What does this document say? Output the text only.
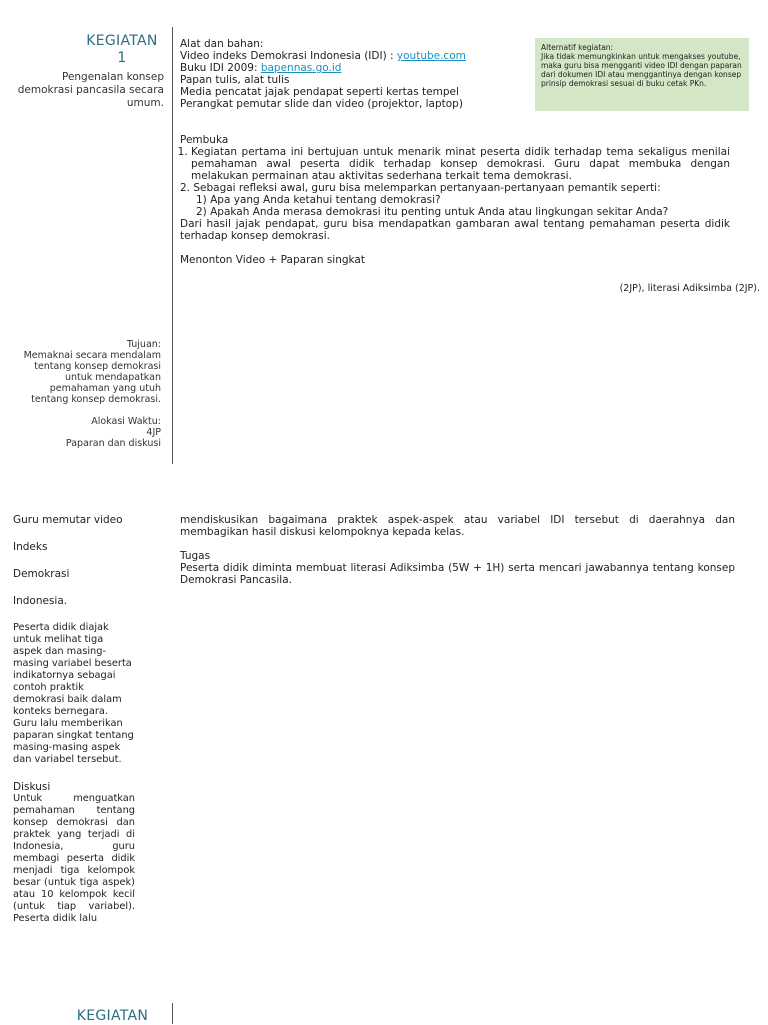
KEGIATAN
1
Pengenalan konsep demokrasi pancasila secara umum.
Tujuan:
Memaknai secara mendalam tentang konsep demokrasi untuk mendapatkan pemahaman yang utuh tentang konsep demokrasi.
Alokasi Waktu:
4JP
Paparan dan diskusi
Alat dan bahan:
Video indeks Demokrasi Indonesia (IDI) : youtube.com
Buku IDI 2009: bapennas.go.id
Papan tulis, alat tulis
Media pencatat jajak pendapat seperti kertas tempel
Perangkat pemutar slide dan video (projektor, laptop)
Alternatif kegiatan:
Jika tidak memungkinkan untuk mengakses youtube, maka guru bisa mengganti video IDI dengan paparan dari dokumen IDI atau menggantinya dengan konsep prinsip demokrasi sesuai di buku cetak PKn.
Pembuka
1. Kegiatan pertama ini bertujuan untuk menarik minat peserta didik terhadap tema sekaligus menilai pemahaman awal peserta didik terhadap konsep demokrasi. Guru dapat membuka dengan melakukan permainan atau aktivitas sederhana terkait tema demokrasi.
2. Sebagai refleksi awal, guru bisa melemparkan pertanyaan-pertanyaan pemantik seperti:
1) Apa yang Anda ketahui tentang demokrasi?
2) Apakah Anda merasa demokrasi itu penting untuk Anda atau lingkungan sekitar Anda?
Dari hasil jajak pendapat, guru bisa mendapatkan gambaran awal tentang pemahaman peserta didik terhadap konsep demokrasi.
Menonton Video + Paparan singkat
(2JP), literasi Adiksimba (2JP).

Guru memutar video

Indeks

Demokrasi

Indonesia.

Peserta didik diajak untuk melihat tiga aspek dan masing-masing variabel beserta indikatornya sebagai contoh praktik demokrasi baik dalam konteks bernegara. Guru lalu memberikan paparan singkat tentang masing-masing aspek dan variabel tersebut.

Diskusi
Untuk menguatkan pemahaman tentang konsep demokrasi dan praktek yang terjadi di Indonesia, guru membagi peserta didik menjadi tiga kelompok besar (untuk tiga aspek) atau 10 kelompok kecil (untuk tiap variabel). Peserta didik lalu
mendiskusikan bagaimana praktek aspek-aspek atau variabel IDI tersebut di daerahnya dan membagikan hasil diskusi kelompoknya kepada kelas.
Tugas
Peserta didik diminta membuat literasi Adiksimba (5W + 1H) serta mencari jawabannya tentang konsep Demokrasi Pancasila.
KEGIATAN
